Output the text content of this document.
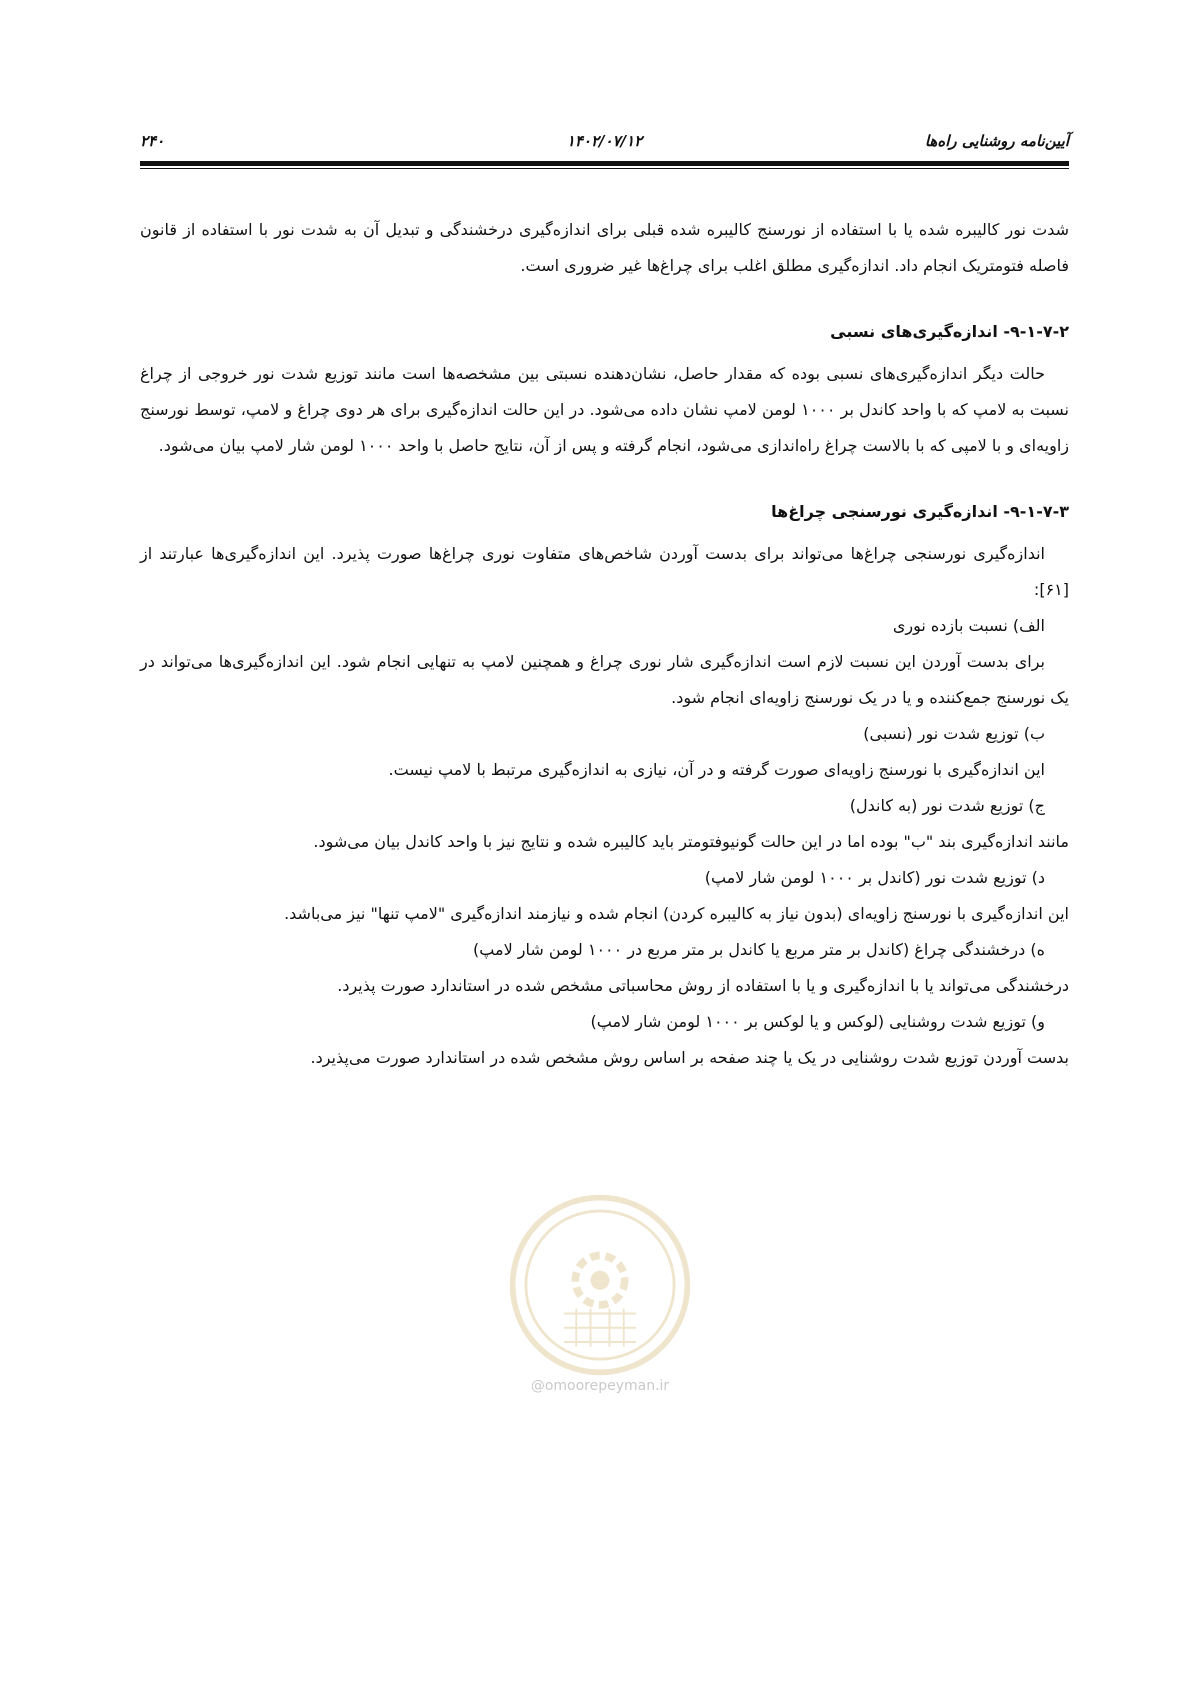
۲۴۰	۱۴۰۲/۰۷/۱۲	آیین‌نامه روشنایی راه‌ها

شدت نور کالیبره شده یا با استفاده از نورسنج کالیبره شده قبلی برای اندازه‌گیری درخشندگی و تبدیل آن به شدت نور با استفاده از قانون فاصله فتومتریک انجام داد. اندازه‌گیری مطلق اغلب برای چراغ‌ها غیر ضروری است.

۹-۱-۷-۲- اندازه‌گیری‌های نسبی

حالت دیگر اندازه‌گیری‌های نسبی بوده که مقدار حاصل، نشان‌دهنده نسبتی بین مشخصه‌ها است مانند توزیع شدت نور خروجی از چراغ نسبت به لامپ که با واحد کاندل بر ۱۰۰۰ لومن لامپ نشان داده می‌شود. در این حالت اندازه‌گیری برای هر دوی چراغ و لامپ، توسط نورسنج زاویه‌ای و با لامپی که با بالاست چراغ راه‌اندازی می‌شود، انجام گرفته و پس از آن، نتایج حاصل با واحد ۱۰۰۰ لومن شار لامپ بیان می‌شود.

۹-۱-۷-۳- اندازه‌گیری نورسنجی چراغ‌ها

اندازه‌گیری نورسنجی چراغ‌ها می‌تواند برای بدست آوردن شاخص‌های متفاوت نوری چراغ‌ها صورت پذیرد. این اندازه‌گیری‌ها عبارتند از [۶۱]:

الف) نسبت بازده نوری

برای بدست آوردن این نسبت لازم است اندازه‌گیری شار نوری چراغ و همچنین لامپ به تنهایی انجام شود. این اندازه‌گیری‌ها می‌تواند در یک نورسنج جمع‌کننده و یا در یک نورسنج زاویه‌ای انجام شود.

ب) توزیع شدت نور (نسبی)

این اندازه‌گیری با نورسنج زاویه‌ای صورت گرفته و در آن، نیازی به اندازه‌گیری مرتبط با لامپ نیست.

ج) توزیع شدت نور (به کاندل)

مانند اندازه‌گیری بند "ب" بوده اما در این حالت گونیوفتومتر باید کالیبره شده و نتایج نیز با واحد کاندل بیان می‌شود.

د) توزیع شدت نور (کاندل بر ۱۰۰۰ لومن شار لامپ)

این اندازه‌گیری با نورسنج زاویه‌ای (بدون نیاز به کالیبره کردن) انجام شده و نیازمند اندازه‌گیری "لامپ تنها" نیز می‌باشد.

ه) درخشندگی چراغ (کاندل بر متر مربع یا کاندل بر متر مربع در ۱۰۰۰ لومن شار لامپ)

درخشندگی می‌تواند یا با اندازه‌گیری و یا با استفاده از روش محاسباتی مشخص شده در استاندارد صورت پذیرد.

و) توزیع شدت روشنایی (لوکس و یا لوکس بر ۱۰۰۰ لومن شار لامپ)

بدست آوردن توزیع شدت روشنایی در یک یا چند صفحه بر اساس روش مشخص شده در استاندارد صورت می‌پذیرد.

@omoorepeyman.ir
